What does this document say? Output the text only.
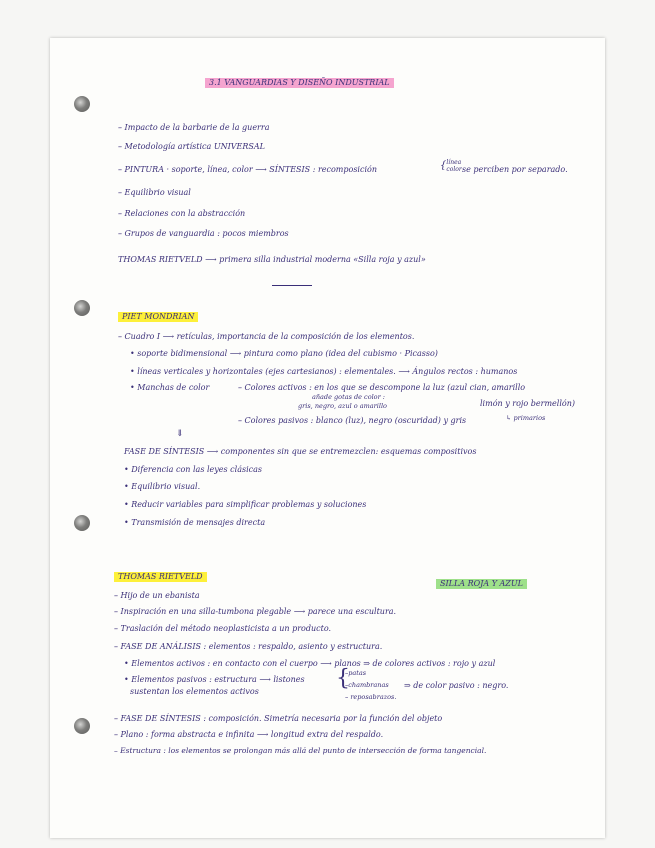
3.1 VANGUARDIAS Y DISEÑO INDUSTRIAL
– Impacto de la barbarie de la guerra
– Metodología artística UNIVERSAL
– PINTURA · soporte, línea, color ⟶ SÍNTESIS : recomposición	{línea
color se perciben por separado.
– Equilibrio visual
– Relaciones con la abstracción
– Grupos de vanguardia : pocos miembros
THOMAS RIETVELD ⟶ primera silla industrial moderna «Silla roja y azul»
PIET MONDRIAN
– Cuadro I ⟶ retículas, importancia de la composición de los elementos.
• soporte bidimensional ⟶ pintura como plano (idea del cubismo · Picasso)
• líneas verticales y horizontales (ejes cartesianos) : elementales. ⟶ Ángulos rectos : humanos
• Manchas de color	– Colores activos : en los que se descompone la luz (azul cian, amarillo
añade gotas de color :
gris, negro, azul o amarillo	limón y rojo bermellón)
– Colores pasivos : blanco (luz), negro (oscuridad) y gris	↳ primarios
⇓
FASE DE SÍNTESIS ⟶ componentes sin que se entremezclen: esquemas compositivos
• Diferencia con las leyes clásicas
• Equilibrio visual.
• Reducir variables para simplificar problemas y soluciones
• Transmisión de mensajes directa
THOMAS RIETVELD
SILLA ROJA Y AZUL
– Hijo de un ebanista
– Inspiración en una silla-tumbona plegable ⟶ parece una escultura.
– Traslación del método neoplasticista a un producto.
– FASE DE ANÁLISIS : elementos : respaldo, asiento y estructura.
• Elementos activos : en contacto con el cuerpo ⟶ planos ⇒ de colores activos : rojo y azul
• Elementos pasivos : estructura ⟶ listones
sustentan los elementos activos
{
–patas
–chambranas
– reposabrazos.
⇒ de color pasivo : negro.
– FASE DE SÍNTESIS : composición. Simetría necesaria por la función del objeto
– Plano : forma abstracta e infinita ⟶ longitud extra del respaldo.
– Estructura : los elementos se prolongan más allá del punto de intersección de forma tangencial.
